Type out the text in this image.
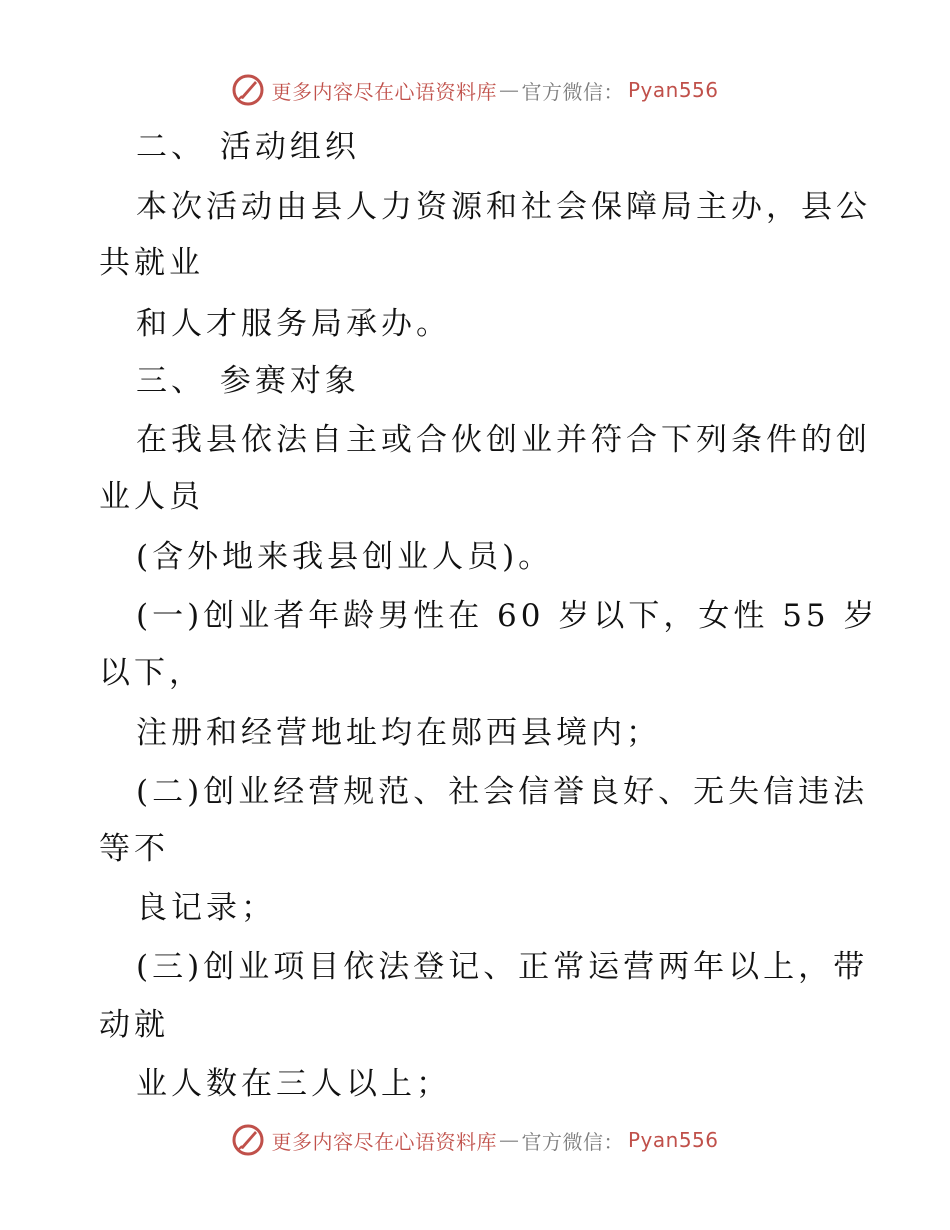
更多内容尽在心语资料库 — 官方微信： Pyan556
二、 活动组织
本次活动由县人力资源和社会保障局主办，县公
共就业
和人才服务局承办。
三、 参赛对象
在我县依法自主或合伙创业并符合下列条件的创
业人员
(含外地来我县创业人员)。
(一)创业者年龄男性在 60 岁以下，女性 55 岁
以下，
注册和经营地址均在郧西县境内；
(二)创业经营规范、社会信誉良好、无失信违法
等不
良记录；
(三)创业项目依法登记、正常运营两年以上，带
动就
业人数在三人以上；
更多内容尽在心语资料库 — 官方微信： Pyan556
